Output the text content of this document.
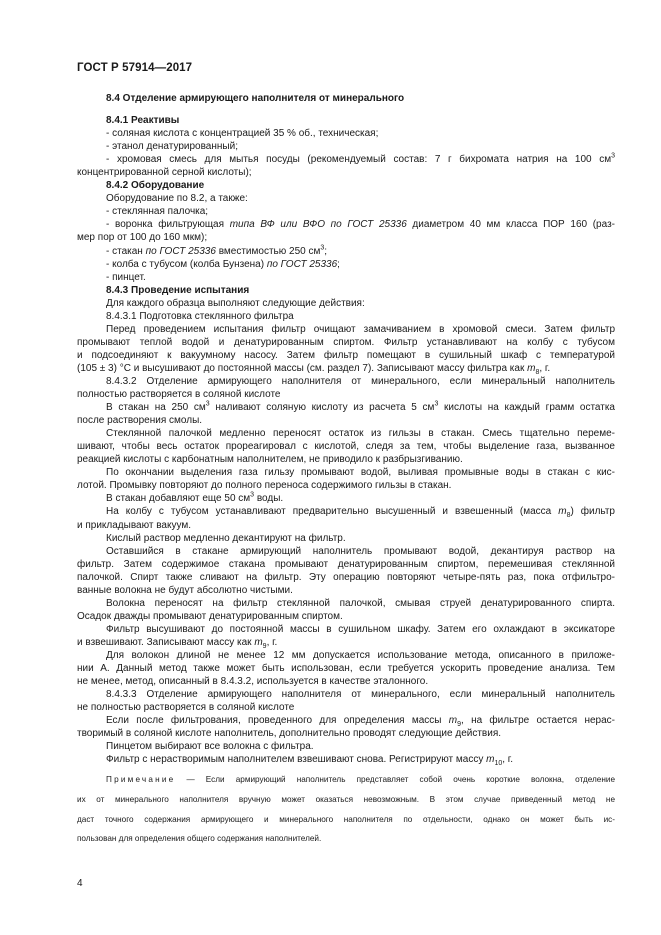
ГОСТ Р 57914—2017

8.4 Отделение армирующего наполнителя от минерального

8.4.1 Реактивы

- соляная кислота с концентрацией 35 % об., техническая;

- этанол денатурированный;

- хромовая смесь для мытья посуды (рекомендуемый состав: 7 г бихромата натрия на 100 $см^3$

концентрированной серной кислоты);

8.4.2 Оборудование

Оборудование по 8.2, а также:

- стеклянная палочка;

- воронка фильтрующая типа ВФ или ВФО по ГОСТ 25336 диаметром 40 мм класса ПОР 160 (раз-

мер пор от 100 до 160 мкм);

- стакан по ГОСТ 25336 вместимостью 250 $см^3$;

- колба с тубусом (колба Бунзена) по ГОСТ 25336;

- пинцет.

8.4.3 Проведение испытания

Для каждого образца выполняют следующие действия:

8.4.3.1 Подготовка стеклянного фильтра

Перед проведением испытания фильтр очищают замачиванием в хромовой смеси. Затем фильтр

промывают теплой водой и денатурированным спиртом. Фильтр устанавливают на колбу с тубусом

и подсоединяют к вакуумному насосу. Затем фильтр помещают в сушильный шкаф с температурой

(105 ± 3) °С и высушивают до постоянной массы (см. раздел 7). Записывают массу фильтра как $m_8$, г.

8.4.3.2 Отделение армирующего наполнителя от минерального, если минеральный наполнитель

полностью растворяется в соляной кислоте

В стакан на 250 $см^3$ наливают соляную кислоту из расчета 5 $см^3$ кислоты на каждый грамм остатка

после растворения смолы.

Стеклянной палочкой медленно переносят остаток из гильзы в стакан. Смесь тщательно переме-

шивают, чтобы весь остаток прореагировал с кислотой, следя за тем, чтобы выделение газа, вызванное

реакцией кислоты с карбонатным наполнителем, не приводило к разбрызгиванию.

По окончании выделения газа гильзу промывают водой, выливая промывные воды в стакан с кис-

лотой. Промывку повторяют до полного переноса содержимого гильзы в стакан.

В стакан добавляют еще 50 $см^3$ воды.

На колбу с тубусом устанавливают предварительно высушенный и взвешенный (масса $m_8$) фильтр

и прикладывают вакуум.

Кислый раствор медленно декантируют на фильтр.

Оставшийся в стакане армирующий наполнитель промывают водой, декантируя раствор на

фильтр. Затем содержимое стакана промывают денатурированным спиртом, перемешивая стеклянной

палочкой. Спирт также сливают на фильтр. Эту операцию повторяют четыре-пять раз, пока отфильтро-

ванные волокна не будут абсолютно чистыми.

Волокна переносят на фильтр стеклянной палочкой, смывая струей денатурированного спирта.

Осадок дважды промывают денатурированным спиртом.

Фильтр высушивают до постоянной массы в сушильном шкафу. Затем его охлаждают в эксикаторе

и взвешивают. Записывают массу как $m_9$, г.

Для волокон длиной не менее 12 мм допускается использование метода, описанного в приложе-

нии А. Данный метод также может быть использован, если требуется ускорить проведение анализа. Тем

не менее, метод, описанный в 8.4.3.2, используется в качестве эталонного.

8.4.3.3 Отделение армирующего наполнителя от минерального, если минеральный наполнитель

не полностью растворяется в соляной кислоте

Если после фильтрования, проведенного для определения массы $m_9$, на фильтре остается нерас-

творимый в соляной кислоте наполнитель, дополнительно проводят следующие действия.

Пинцетом выбирают все волокна с фильтра.

Фильтр с нерастворимым наполнителем взвешивают снова. Регистрируют массу $m_{10}$, г.

Примечание — Если армирующий наполнитель представляет собой очень короткие волокна, отделение

их от минерального наполнителя вручную может оказаться невозможным. В этом случае приведенный метод не

даст точного содержания армирующего и минерального наполнителя по отдельности, однако он может быть ис-

пользован для определения общего содержания наполнителей.

4
